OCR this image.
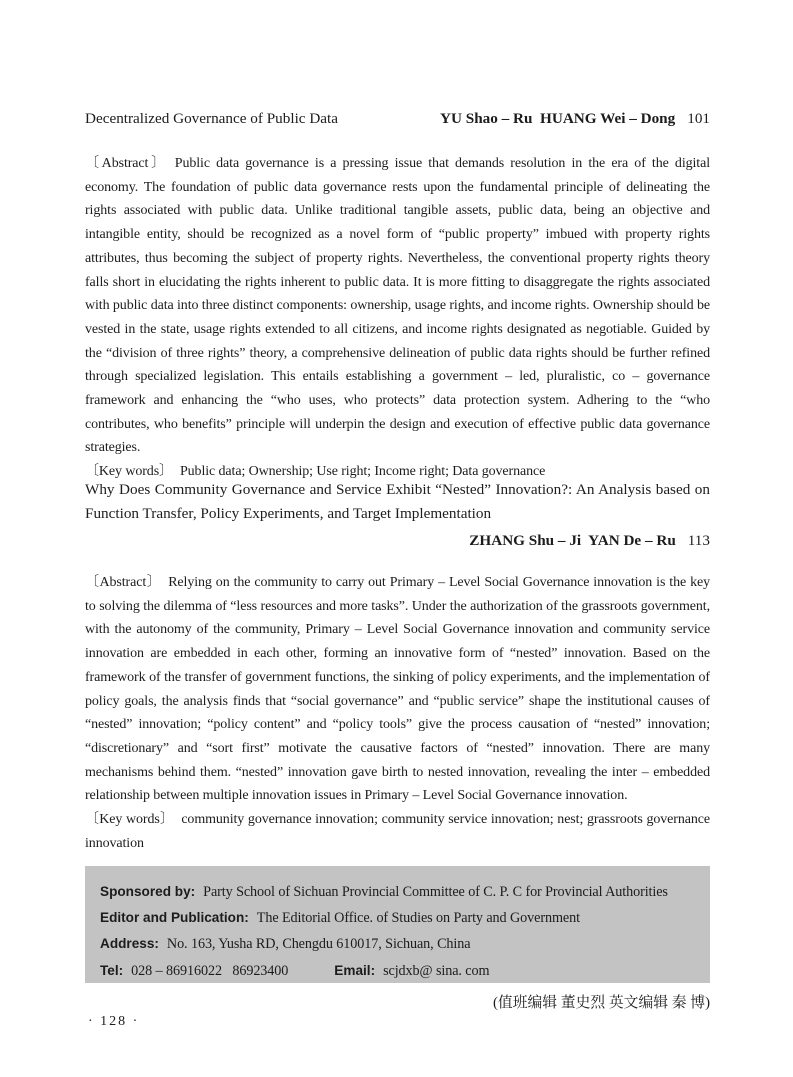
Decentralized Governance of Public Data	YU Shao – Ru  HUANG Wei – Dong 101

〔Abstract〕 Public data governance is a pressing issue that demands resolution in the era of the digital economy. The foundation of public data governance rests upon the fundamental principle of delineating the rights associated with public data. Unlike traditional tangible assets, public data, being an objective and intangible entity, should be recognized as a novel form of “public property” imbued with property rights attributes, thus becoming the subject of property rights. Nevertheless, the conventional property rights theory falls short in elucidating the rights inherent to public data. It is more fitting to disaggregate the rights associated with public data into three distinct components: ownership, usage rights, and income rights. Ownership should be vested in the state, usage rights extended to all citizens, and income rights designated as negotiable. Guided by the “division of three rights” theory, a comprehensive delineation of public data rights should be further refined through specialized legislation. This entails establishing a government – led, pluralistic, co – governance framework and enhancing the “who uses, who protects” data protection system. Adhering to the “who contributes, who benefits” principle will underpin the design and execution of effective public data governance strategies.

〔Key words〕 Public data; Ownership; Use right; Income right; Data governance

Why Does Community Governance and Service Exhibit “Nested” Innovation?: An Analysis based on Function Transfer, Policy Experiments, and Target Implementation

ZHANG Shu – Ji  YAN De – Ru 113

〔Abstract〕 Relying on the community to carry out Primary – Level Social Governance innovation is the key to solving the dilemma of “less resources and more tasks”. Under the authorization of the grassroots government, with the autonomy of the community, Primary – Level Social Governance innovation and community service innovation are embedded in each other, forming an innovative form of “nested” innovation. Based on the framework of the transfer of government functions, the sinking of policy experiments, and the implementation of policy goals, the analysis finds that “social governance” and “public service” shape the institutional causes of “nested” innovation; “policy content” and “policy tools” give the process causation of “nested” innovation; “discretionary” and “sort first” motivate the causative factors of “nested” innovation. There are many mechanisms behind them. “nested” innovation gave birth to nested innovation, revealing the inter – embedded relationship between multiple innovation issues in Primary – Level Social Governance innovation.

〔Key words〕 community governance innovation; community service innovation; nest; grassroots governance innovation

Sponsored by: Party School of Sichuan Provincial Committee of C. P. C for Provincial Authorities
Editor and Publication: The Editorial Office. of Studies on Party and Government
Address: No. 163, Yusha RD, Chengdu 610017, Sichuan, China
Tel: 028 – 86916022   86923400	Email: scjdxb@ sina. com
(值班编辑 董史烈 英文编辑 秦 博)
· 128 ·
